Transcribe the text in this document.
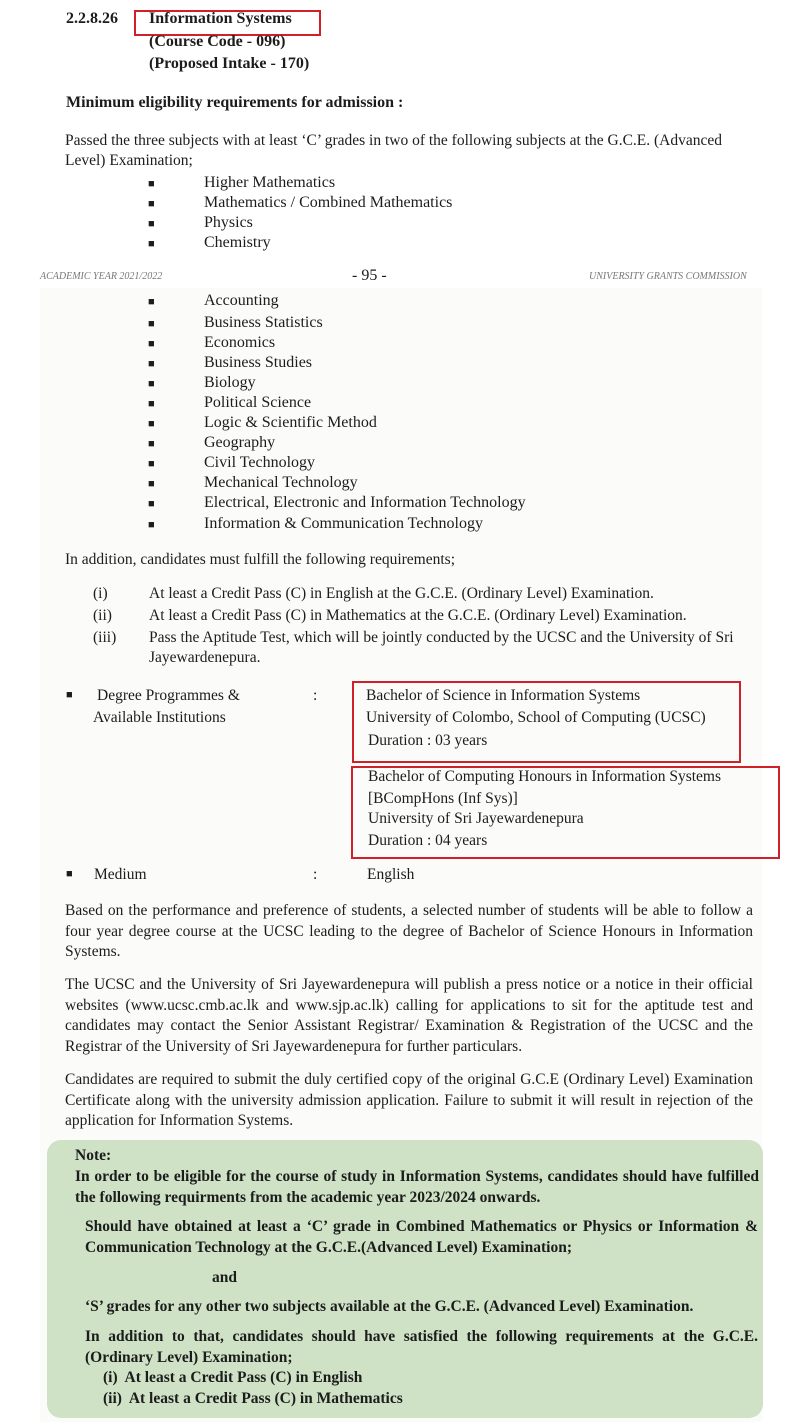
2.2.8.26 Information Systems
(Course Code - 096)
(Proposed Intake - 170)
Minimum eligibility requirements for admission :
Passed the three subjects with at least ‘C’ grades in two of the following subjects at the G.C.E. (Advanced Level) Examination;
■	Higher Mathematics
■	Mathematics / Combined Mathematics
■	Physics
■	Chemistry
ACADEMIC YEAR 2021/2022	- 95 -	UNIVERSITY GRANTS COMMISSION
■	Accounting
■	Business Statistics
■	Economics
■	Business Studies
■	Biology
■	Political Science
■	Logic & Scientific Method
■	Geography
■	Civil Technology
■	Mechanical Technology
■	Electrical, Electronic and Information Technology
■	Information & Communication Technology
In addition, candidates must fulfill the following requirements;
(i)	At least a Credit Pass (C) in English at the G.C.E. (Ordinary Level) Examination.
(ii) At least a Credit Pass (C) in Mathematics at the G.C.E. (Ordinary Level) Examination.
(iii) Pass the Aptitude Test, which will be jointly conducted by the UCSC and the University of Sri Jayewardenepura.
■ Degree Programmes &
Available Institutions
:	Bachelor of Science in Information Systems
University of Colombo, School of Computing (UCSC)
Duration : 03 years
Bachelor of Computing Honours in Information Systems
[BCompHons (Inf Sys)]
University of Sri Jayewardenepura
Duration : 04 years
■ Medium	:	English
Based on the performance and preference of students, a selected number of students will be able to follow a four year degree course at the UCSC leading to the degree of Bachelor of Science Honours in Information Systems.
The UCSC and the University of Sri Jayewardenepura will publish a press notice or a notice in their official websites (www.ucsc.cmb.ac.lk and www.sjp.ac.lk) calling for applications to sit for the aptitude test and candidates may contact the Senior Assistant Registrar/ Examination & Registration of the UCSC and the Registrar of the University of Sri Jayewardenepura for further particulars.
Candidates are required to submit the duly certified copy of the original G.C.E (Ordinary Level) Examination Certificate along with the university admission application. Failure to submit it will result in rejection of the application for Information Systems.
Note:
In order to be eligible for the course of study in Information Systems, candidates should have fulfilled the following requirments from the academic year 2023/2024 onwards.
Should have obtained at least a ‘C’ grade in Combined Mathematics or Physics or Information & Communication Technology at the G.C.E.(Advanced Level) Examination;
and
‘S’ grades for any other two subjects available at the G.C.E. (Advanced Level) Examination.
In addition to that, candidates should have satisfied the following requirements at the G.C.E. (Ordinary Level) Examination;
(i)  At least a Credit Pass (C) in English
(ii)  At least a Credit Pass (C) in Mathematics
